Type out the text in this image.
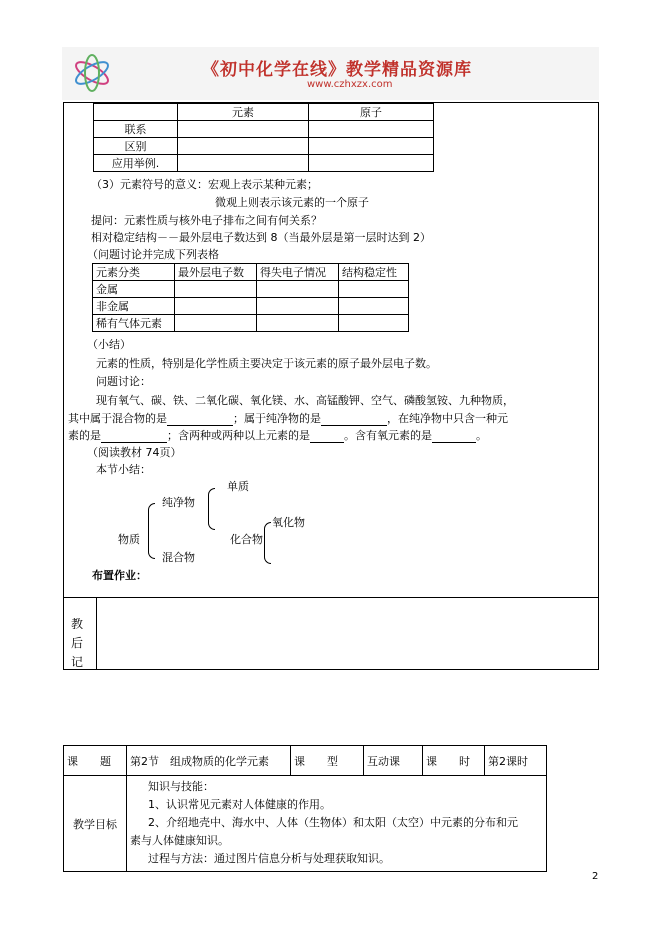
《初中化学在线》教学精品资源库
www.czhxzx.com
教后记
	元素	原子
联系		
区别		
应用举例.		
（3）元素符号的意义：宏观上表示某种元素；
微观上则表示该元素的一个原子
提问：元素性质与核外电子排布之间有何关系？
相对稳定结构－－最外层电子数达到 8（当最外层是第一层时达到 2）
（问题讨论并完成下列表格
元素分类	最外层电子数	得失电子情况	结构稳定性
金属			
非金属			
稀有气体元素			
（小结）
元素的性质，特别是化学性质主要决定于该元素的原子最外层电子数。
问题讨论：
现有氧气、碳、铁、二氧化碳、氧化镁、水、高锰酸钾、空气、磷酸氢铵、九种物质，
其中属于混合物的是	；属于纯净物的是	，在纯净物中只含一种元
素的是	；含两种或两种以上元素的是	。含有氧元素的是	。
（阅读教材 74页）
本节小结：
单质
纯净物
氧化物
物质	化合物
混合物
布置作业：
课　　题	第2节　组成物质的化学元素	课　　型	互动课	课　　时	第2课时
教学目标	知识与技能：
1、认识常见元素对人体健康的作用。
2、介绍地壳中、海水中、人体（生物体）和太阳（太空）中元素的分布和元
素与人体健康知识。
过程与方法：通过图片信息分析与处理获取知识。				
2
